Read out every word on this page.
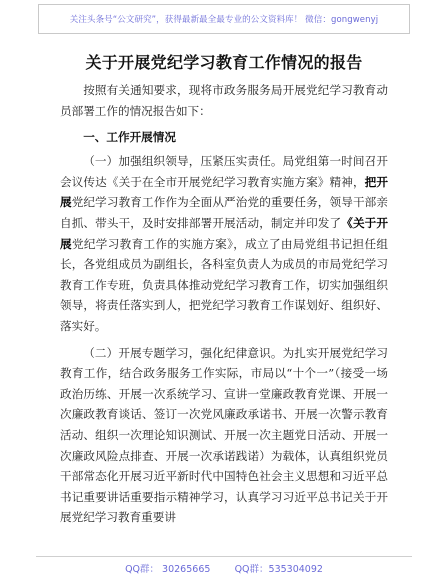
关注头条号“公文研究”，获得最新最全最专业的公文资料库！ 微信：gongwenyj
关于开展党纪学习教育工作情况的报告

按照有关通知要求，现将市政务服务局开展党纪学习教育动员部署工作的情况报告如下：

一、工作开展情况

（一）加强组织领导，压紧压实责任。局党组第一时间召开会议传达《关于在全市开展党纪学习教育实施方案》精神，把开展党纪学习教育工作作为全面从严治党的重要任务，领导干部亲自抓、带头干，及时安排部署开展活动，制定并印发了《关于开展党纪学习教育工作的实施方案》，成立了由局党组书记担任组长，各党组成员为副组长，各科室负责人为成员的市局党纪学习教育工作专班，负责具体推动党纪学习教育工作，切实加强组织领导，将责任落实到人，把党纪学习教育工作谋划好、组织好、落实好。

（二）开展专题学习，强化纪律意识。为扎实开展党纪学习教育工作，结合政务服务工作实际，市局以“十个一”（接受一场政治历练、开展一次系统学习、宣讲一堂廉政教育党课、开展一次廉政教育谈话、签订一次党风廉政承诺书、开展一次警示教育活动、组织一次理论知识测试、开展一次主题党日活动、开展一次廉政风险点排查、开展一次承诺践诺）为载体，认真组织党员干部常态化开展习近平新时代中国特色社会主义思想和习近平总书记重要讲话重要指示精神学习，认真学习习近平总书记关于开展党纪学习教育重要讲

QQ群： 30265665        QQ群：535304092
